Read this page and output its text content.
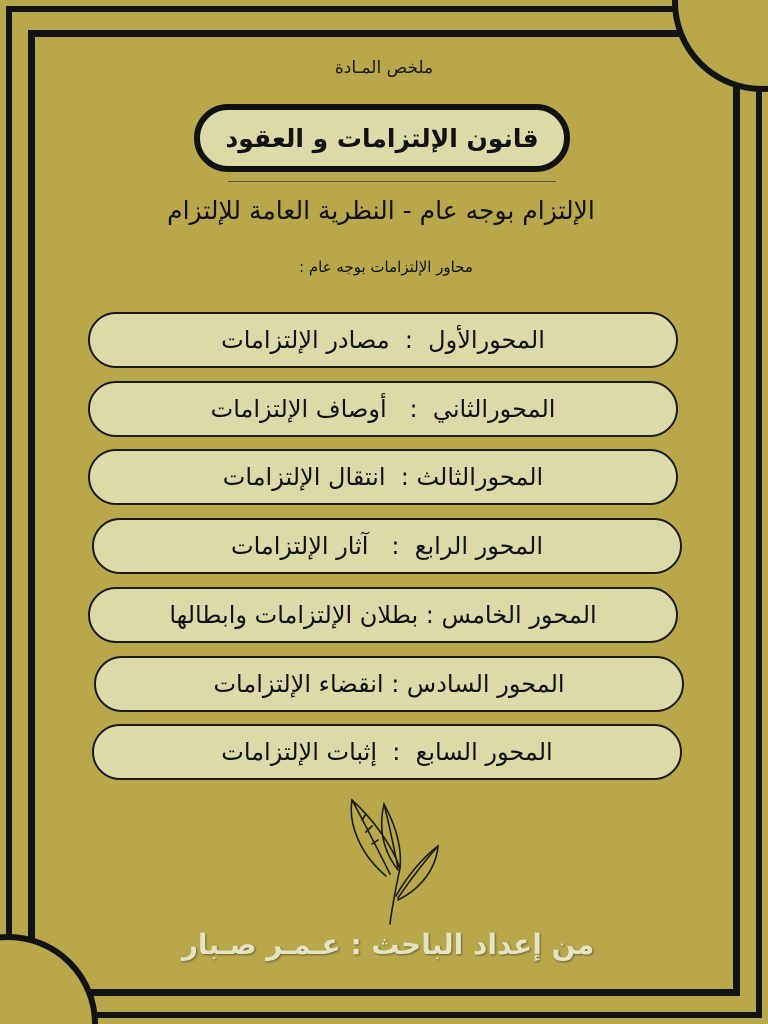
ملخص المـادة
قانون الإلتزامات و العقود
الإلتزام بوجه عام - النظرية العامة للإلتزام
محاور الإلتزامات بوجه عام :
المحورالأول  :  مصادر الإلتزامات
المحورالثاني  :   أوصاف الإلتزامات
المحورالثالث :  انتقال الإلتزامات
المحور الرابع  :   آثار الإلتزامات
المحور الخامس : بطلان الإلتزامات وابطالها
المحور السادس : انقضاء الإلتزامات
المحور السابع  :  إثبات الإلتزامات
من إعداد الباحث : عـمـر صـبار
